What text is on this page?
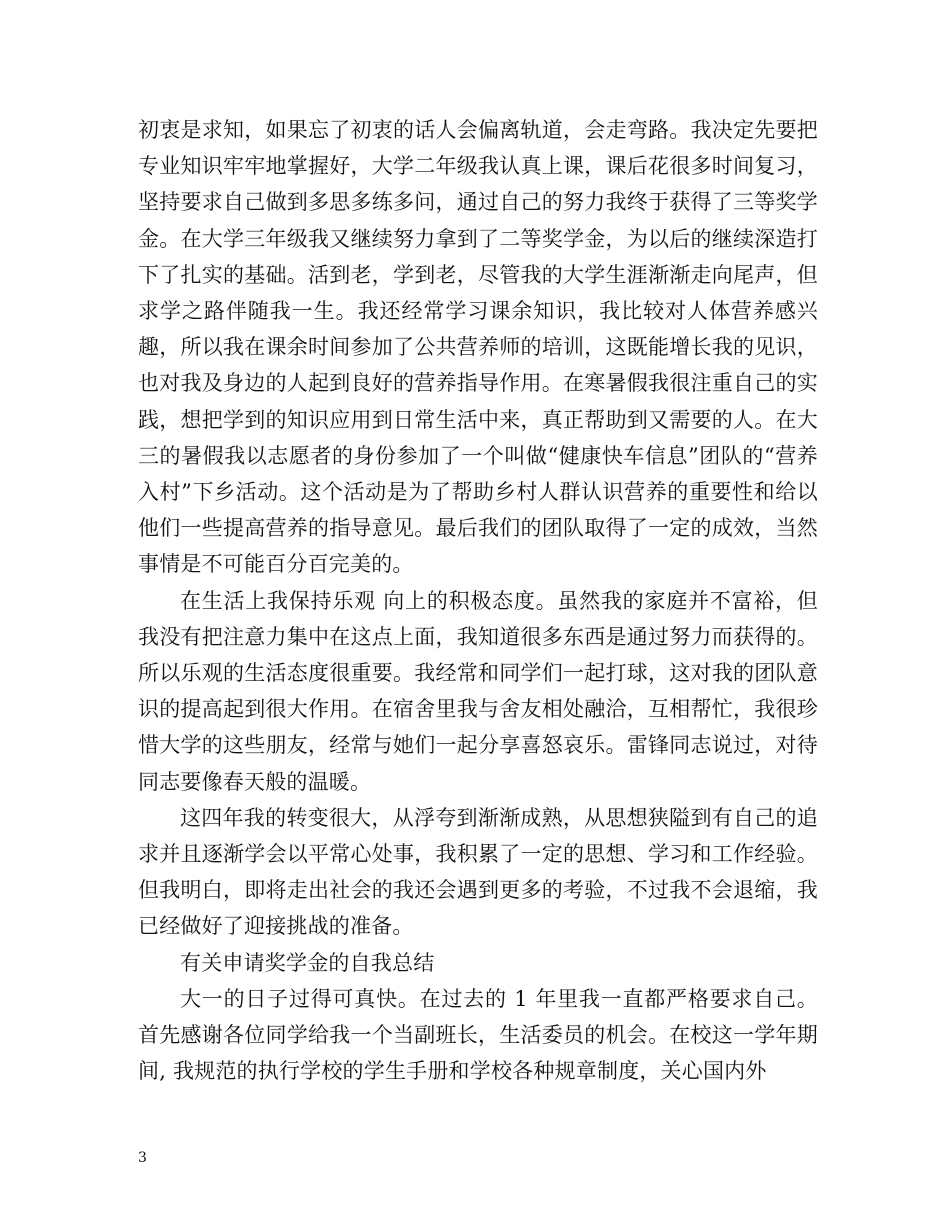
初衷是求知，如果忘了初衷的话人会偏离轨道，会走弯路。我决定先要把专业知识牢牢地掌握好，大学二年级我认真上课，课后花很多时间复习，坚持要求自己做到多思多练多问，通过自己的努力我终于获得了三等奖学金。在大学三年级我又继续努力拿到了二等奖学金，为以后的继续深造打下了扎实的基础。活到老，学到老，尽管我的大学生涯渐渐走向尾声，但求学之路伴随我一生。我还经常学习课余知识，我比较对人体营养感兴趣，所以我在课余时间参加了公共营养师的培训，这既能增长我的见识，也对我及身边的人起到良好的营养指导作用。在寒暑假我很注重自己的实践，想把学到的知识应用到日常生活中来，真正帮助到又需要的人。在大三的暑假我以志愿者的身份参加了一个叫做“健康快车信息”团队的“营养入村”下乡活动。这个活动是为了帮助乡村人群认识营养的重要性和给以他们一些提高营养的指导意见。最后我们的团队取得了一定的成效，当然事情是不可能百分百完美的。

在生活上我保持乐观 向上的积极态度。虽然我的家庭并不富裕，但我没有把注意力集中在这点上面，我知道很多东西是通过努力而获得的。所以乐观的生活态度很重要。我经常和同学们一起打球，这对我的团队意识的提高起到很大作用。在宿舍里我与舍友相处融洽，互相帮忙，我很珍惜大学的这些朋友，经常与她们一起分享喜怒哀乐。雷锋同志说过，对待同志要像春天般的温暖。

这四年我的转变很大，从浮夸到渐渐成熟，从思想狭隘到有自己的追求并且逐渐学会以平常心处事，我积累了一定的思想、学习和工作经验。但我明白，即将走出社会的我还会遇到更多的考验，不过我不会退缩，我已经做好了迎接挑战的准备。

有关申请奖学金的自我总结

大一的日子过得可真快。在过去的 1 年里我一直都严格要求自己。首先感谢各位同学给我一个当副班长，生活委员的机会。在校这一学年期间, 我规范的执行学校的学生手册和学校各种规章制度，关心国内外

3
